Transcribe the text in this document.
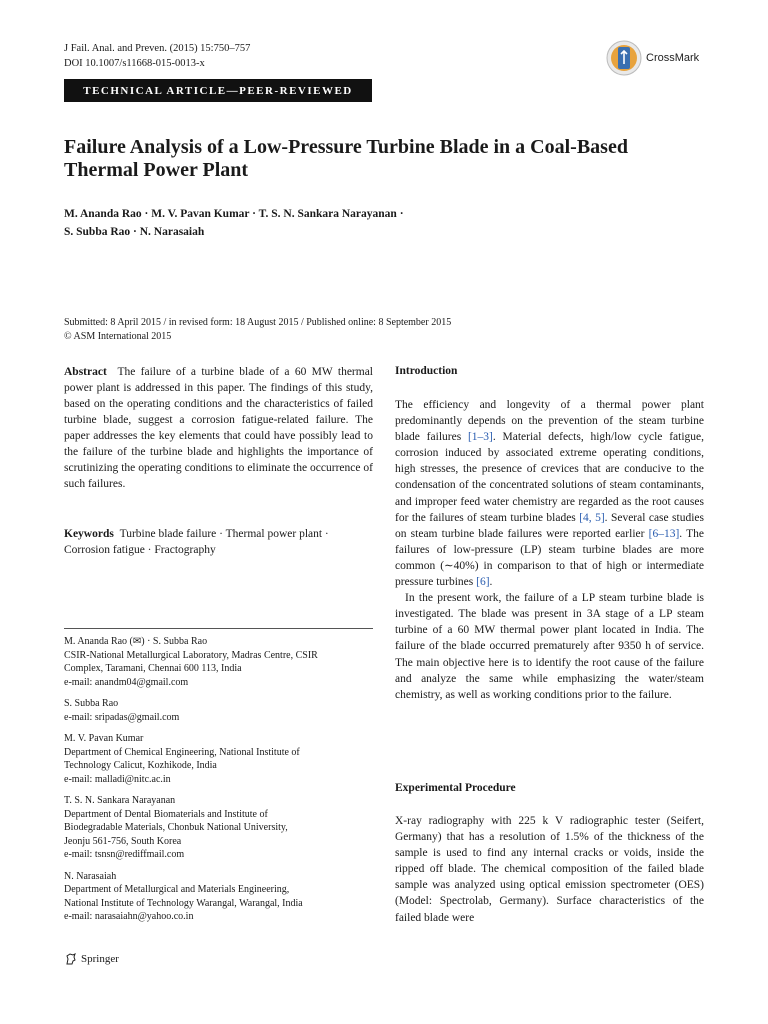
J Fail. Anal. and Preven. (2015) 15:750–757
DOI 10.1007/s11668-015-0013-x	CrossMark
TECHNICAL ARTICLE—PEER-REVIEWED
Failure Analysis of a Low-Pressure Turbine Blade in a Coal-Based
Thermal Power Plant
M. Ananda Rao · M. V. Pavan Kumar · T. S. N. Sankara Narayanan ·
S. Subba Rao · N. Narasaiah
Submitted: 8 April 2015 / in revised form: 18 August 2015 / Published online: 8 September 2015
© ASM International 2015
Abstract The failure of a turbine blade of a 60 MW thermal power plant is addressed in this paper. The findings of this study, based on the operating conditions and the characteristics of failed turbine blade, suggest a corrosion fatigue-related failure. The paper addresses the key elements that could have possibly lead to the failure of the turbine blade and highlights the importance of scrutinizing the operating conditions to eliminate the occurrence of such failures.
Keywords Turbine blade failure · Thermal power plant · Corrosion fatigue · Fractography
M. Ananda Rao (✉) · S. Subba Rao
CSIR-National Metallurgical Laboratory, Madras Centre, CSIR
Complex, Taramani, Chennai 600 113, India
e-mail: anandm04@gmail.com
S. Subba Rao
e-mail: sripadas@gmail.com
M. V. Pavan Kumar
Department of Chemical Engineering, National Institute of
Technology Calicut, Kozhikode, India
e-mail: malladi@nitc.ac.in
T. S. N. Sankara Narayanan
Department of Dental Biomaterials and Institute of
Biodegradable Materials, Chonbuk National University,
Jeonju 561-756, South Korea
e-mail: tsnsn@rediffmail.com
N. Narasaiah
Department of Metallurgical and Materials Engineering,
National Institute of Technology Warangal, Warangal, India
e-mail: narasaiahn@yahoo.co.in
Introduction

The efficiency and longevity of a thermal power plant predominantly depends on the prevention of the steam turbine blade failures [1–3]. Material defects, high/low cycle fatigue, corrosion induced by associated extreme operating conditions, high stresses, the presence of crevices that are conducive to the condensation of the concentrated solutions of steam contaminants, and improper feed water chemistry are regarded as the root causes for the failures of steam turbine blades [4, 5]. Several case studies on steam turbine blade failures were reported earlier [6–13]. The failures of low-pressure (LP) steam turbine blades are more common (∼40%) in comparison to that of high or intermediate pressure turbines [6].

In the present work, the failure of a LP steam turbine blade is investigated. The blade was present in 3A stage of a LP steam turbine of a 60 MW thermal power plant located in India. The failure of the blade occurred prematurely after 9350 h of service. The main objective here is to identify the root cause of the failure and analyze the same while emphasizing the water/steam chemistry, as well as working conditions prior to the failure.

Experimental Procedure

X-ray radiography with 225 k V radiographic tester (Seifert, Germany) that has a resolution of 1.5% of the thickness of the sample is used to find any internal cracks or voids, inside the ripped off blade. The chemical composition of the failed blade sample was analyzed using optical emission spectrometer (OES) (Model: Spectrolab, Germany). Surface characteristics of the failed blade were

Springer
